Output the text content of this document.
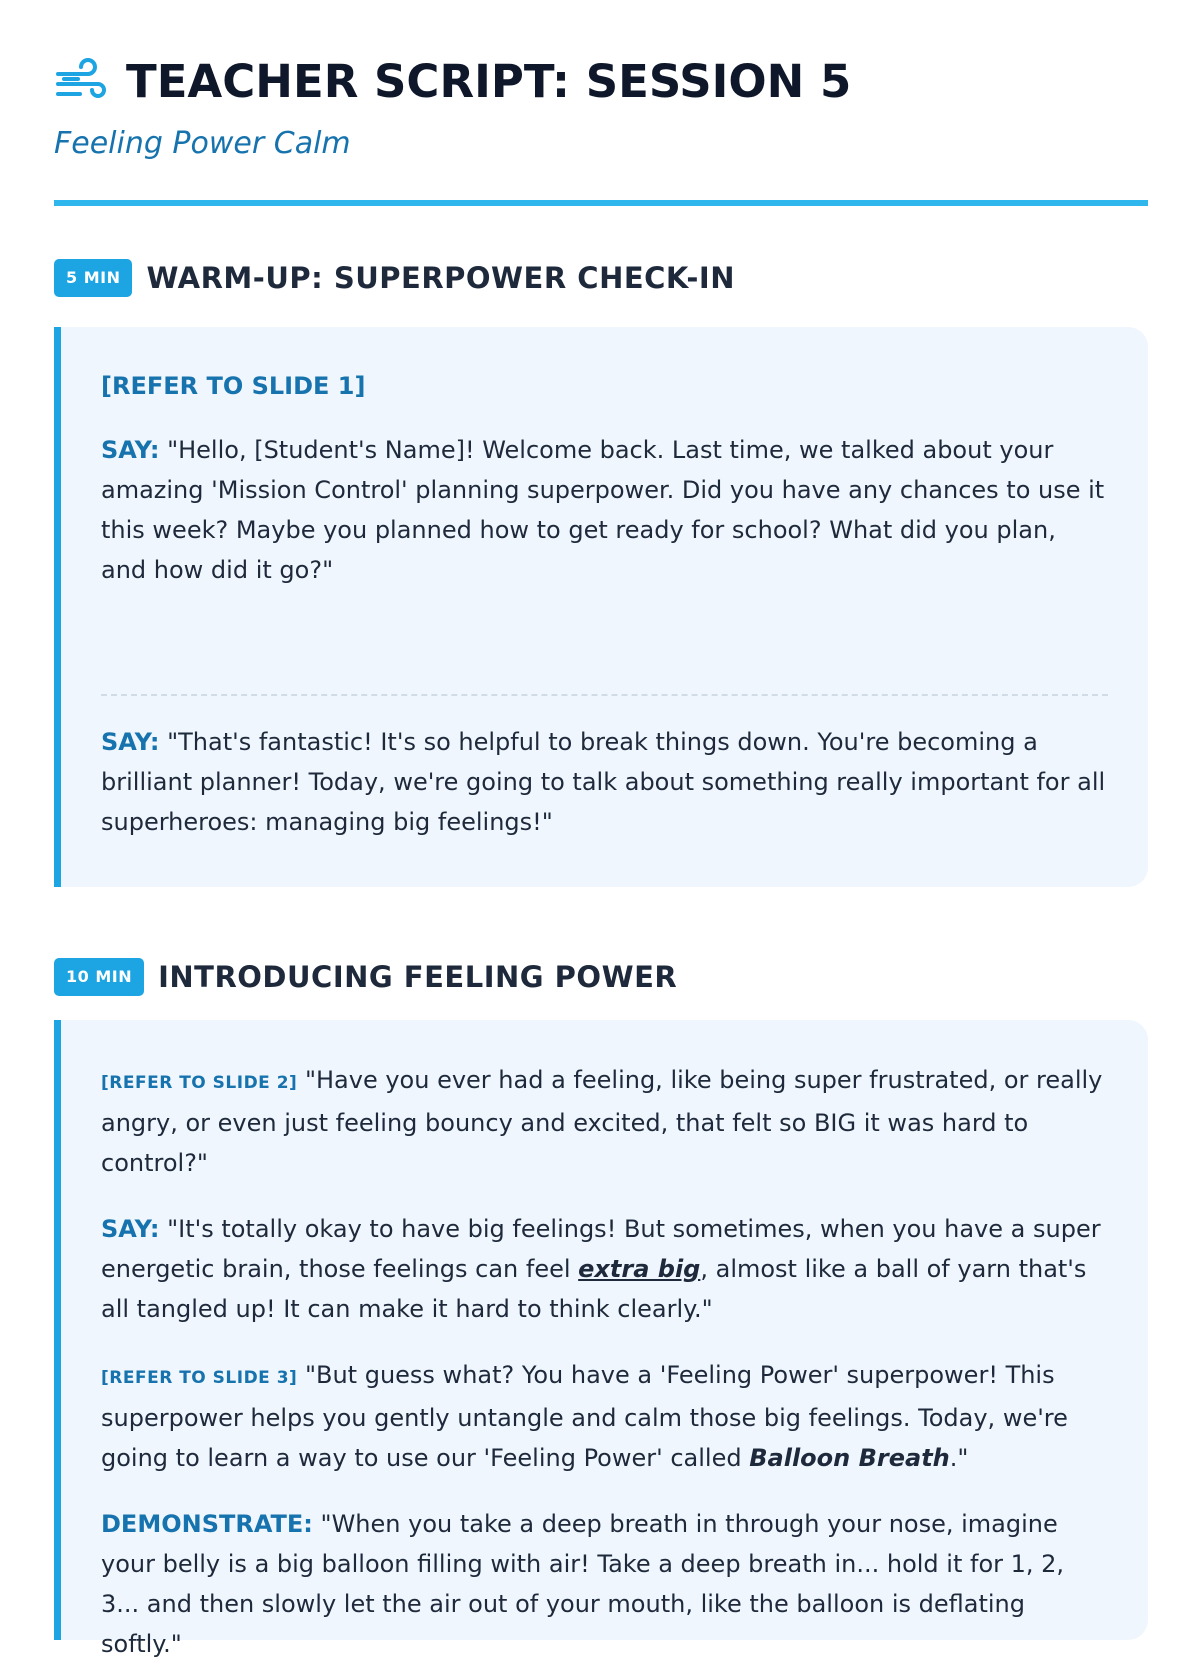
TEACHER SCRIPT: SESSION 5
Feeling Power Calm
5 MIN WARM-UP: SUPERPOWER CHECK-IN

[REFER TO SLIDE 1]

SAY: "Hello, [Student's Name]! Welcome back. Last time, we talked about your amazing 'Mission Control' planning superpower. Did you have any chances to use it this week? Maybe you planned how to get ready for school? What did you plan, and how did it go?"

SAY: "That's fantastic! It's so helpful to break things down. You're becoming a brilliant planner! Today, we're going to talk about something really important for all superheroes: managing big feelings!"

10 MIN INTRODUCING FEELING POWER

[REFER TO SLIDE 2] "Have you ever had a feeling, like being super frustrated, or really angry, or even just feeling bouncy and excited, that felt so BIG it was hard to control?"

SAY: "It's totally okay to have big feelings! But sometimes, when you have a super energetic brain, those feelings can feel extra big, almost like a ball of yarn that's all tangled up! It can make it hard to think clearly."

[REFER TO SLIDE 3] "But guess what? You have a 'Feeling Power' superpower! This superpower helps you gently untangle and calm those big feelings. Today, we're going to learn a way to use our 'Feeling Power' called Balloon Breath."

DEMONSTRATE: "When you take a deep breath in through your nose, imagine your belly is a big balloon filling with air! Take a deep breath in... hold it for 1, 2, 3... and then slowly let the air out of your mouth, like the balloon is deflating softly."
